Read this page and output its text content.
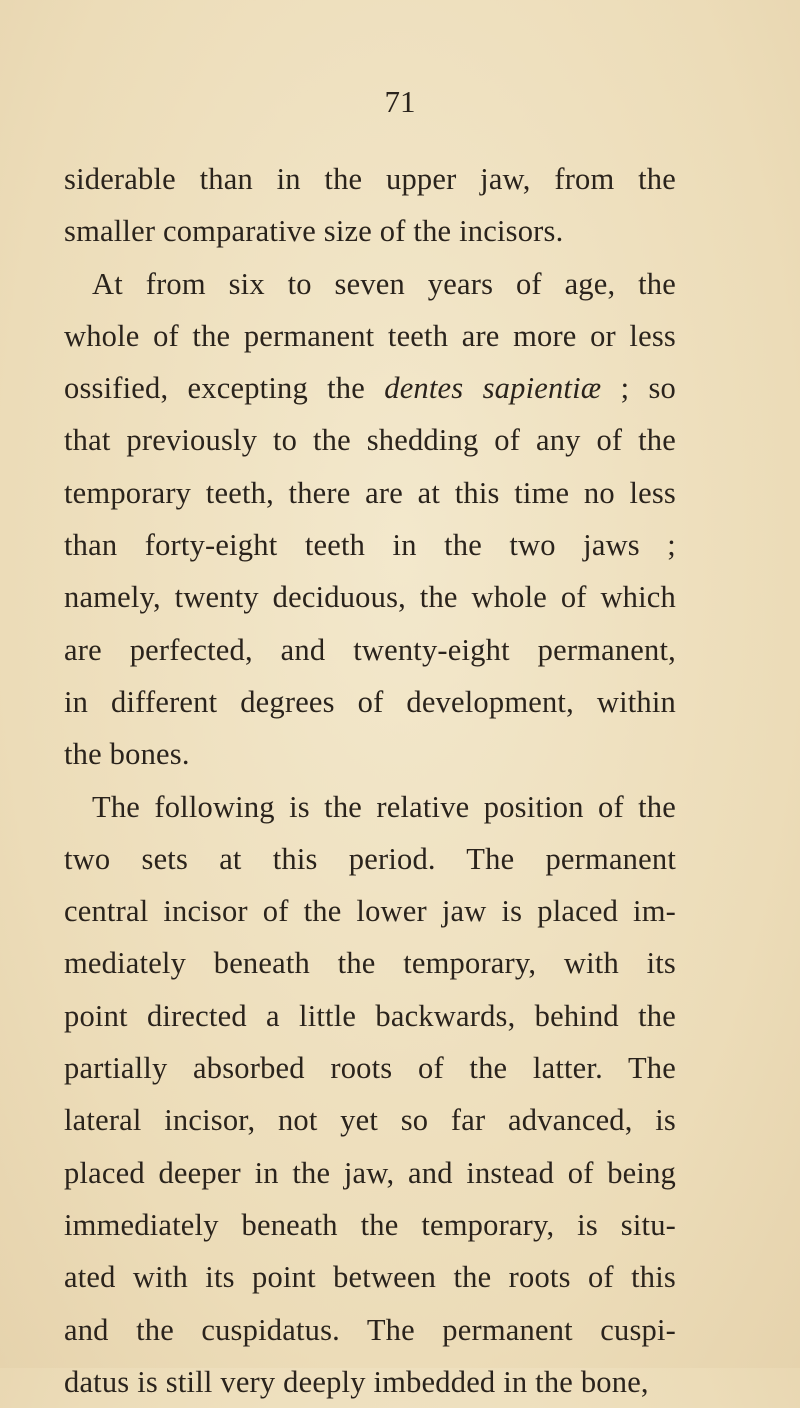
71
siderable than in the upper jaw, from the
smaller comparative size of the incisors.
At from six to seven years of age, the
whole of the permanent teeth are more or less
ossified, excepting the dentes sapientiæ ; so
that previously to the shedding of any of the
temporary teeth, there are at this time no less
than forty-eight teeth in the two jaws ;
namely, twenty deciduous, the whole of which
are perfected, and twenty-eight permanent,
in different degrees of development, within
the bones.
The following is the relative position of the
two sets at this period. The permanent
central incisor of the lower jaw is placed im-
mediately beneath the temporary, with its
point directed a little backwards, behind the
partially absorbed roots of the latter. The
lateral incisor, not yet so far advanced, is
placed deeper in the jaw, and instead of being
immediately beneath the temporary, is situ-
ated with its point between the roots of this
and the cuspidatus. The permanent cuspi-
datus is still very deeply imbedded in the bone,
